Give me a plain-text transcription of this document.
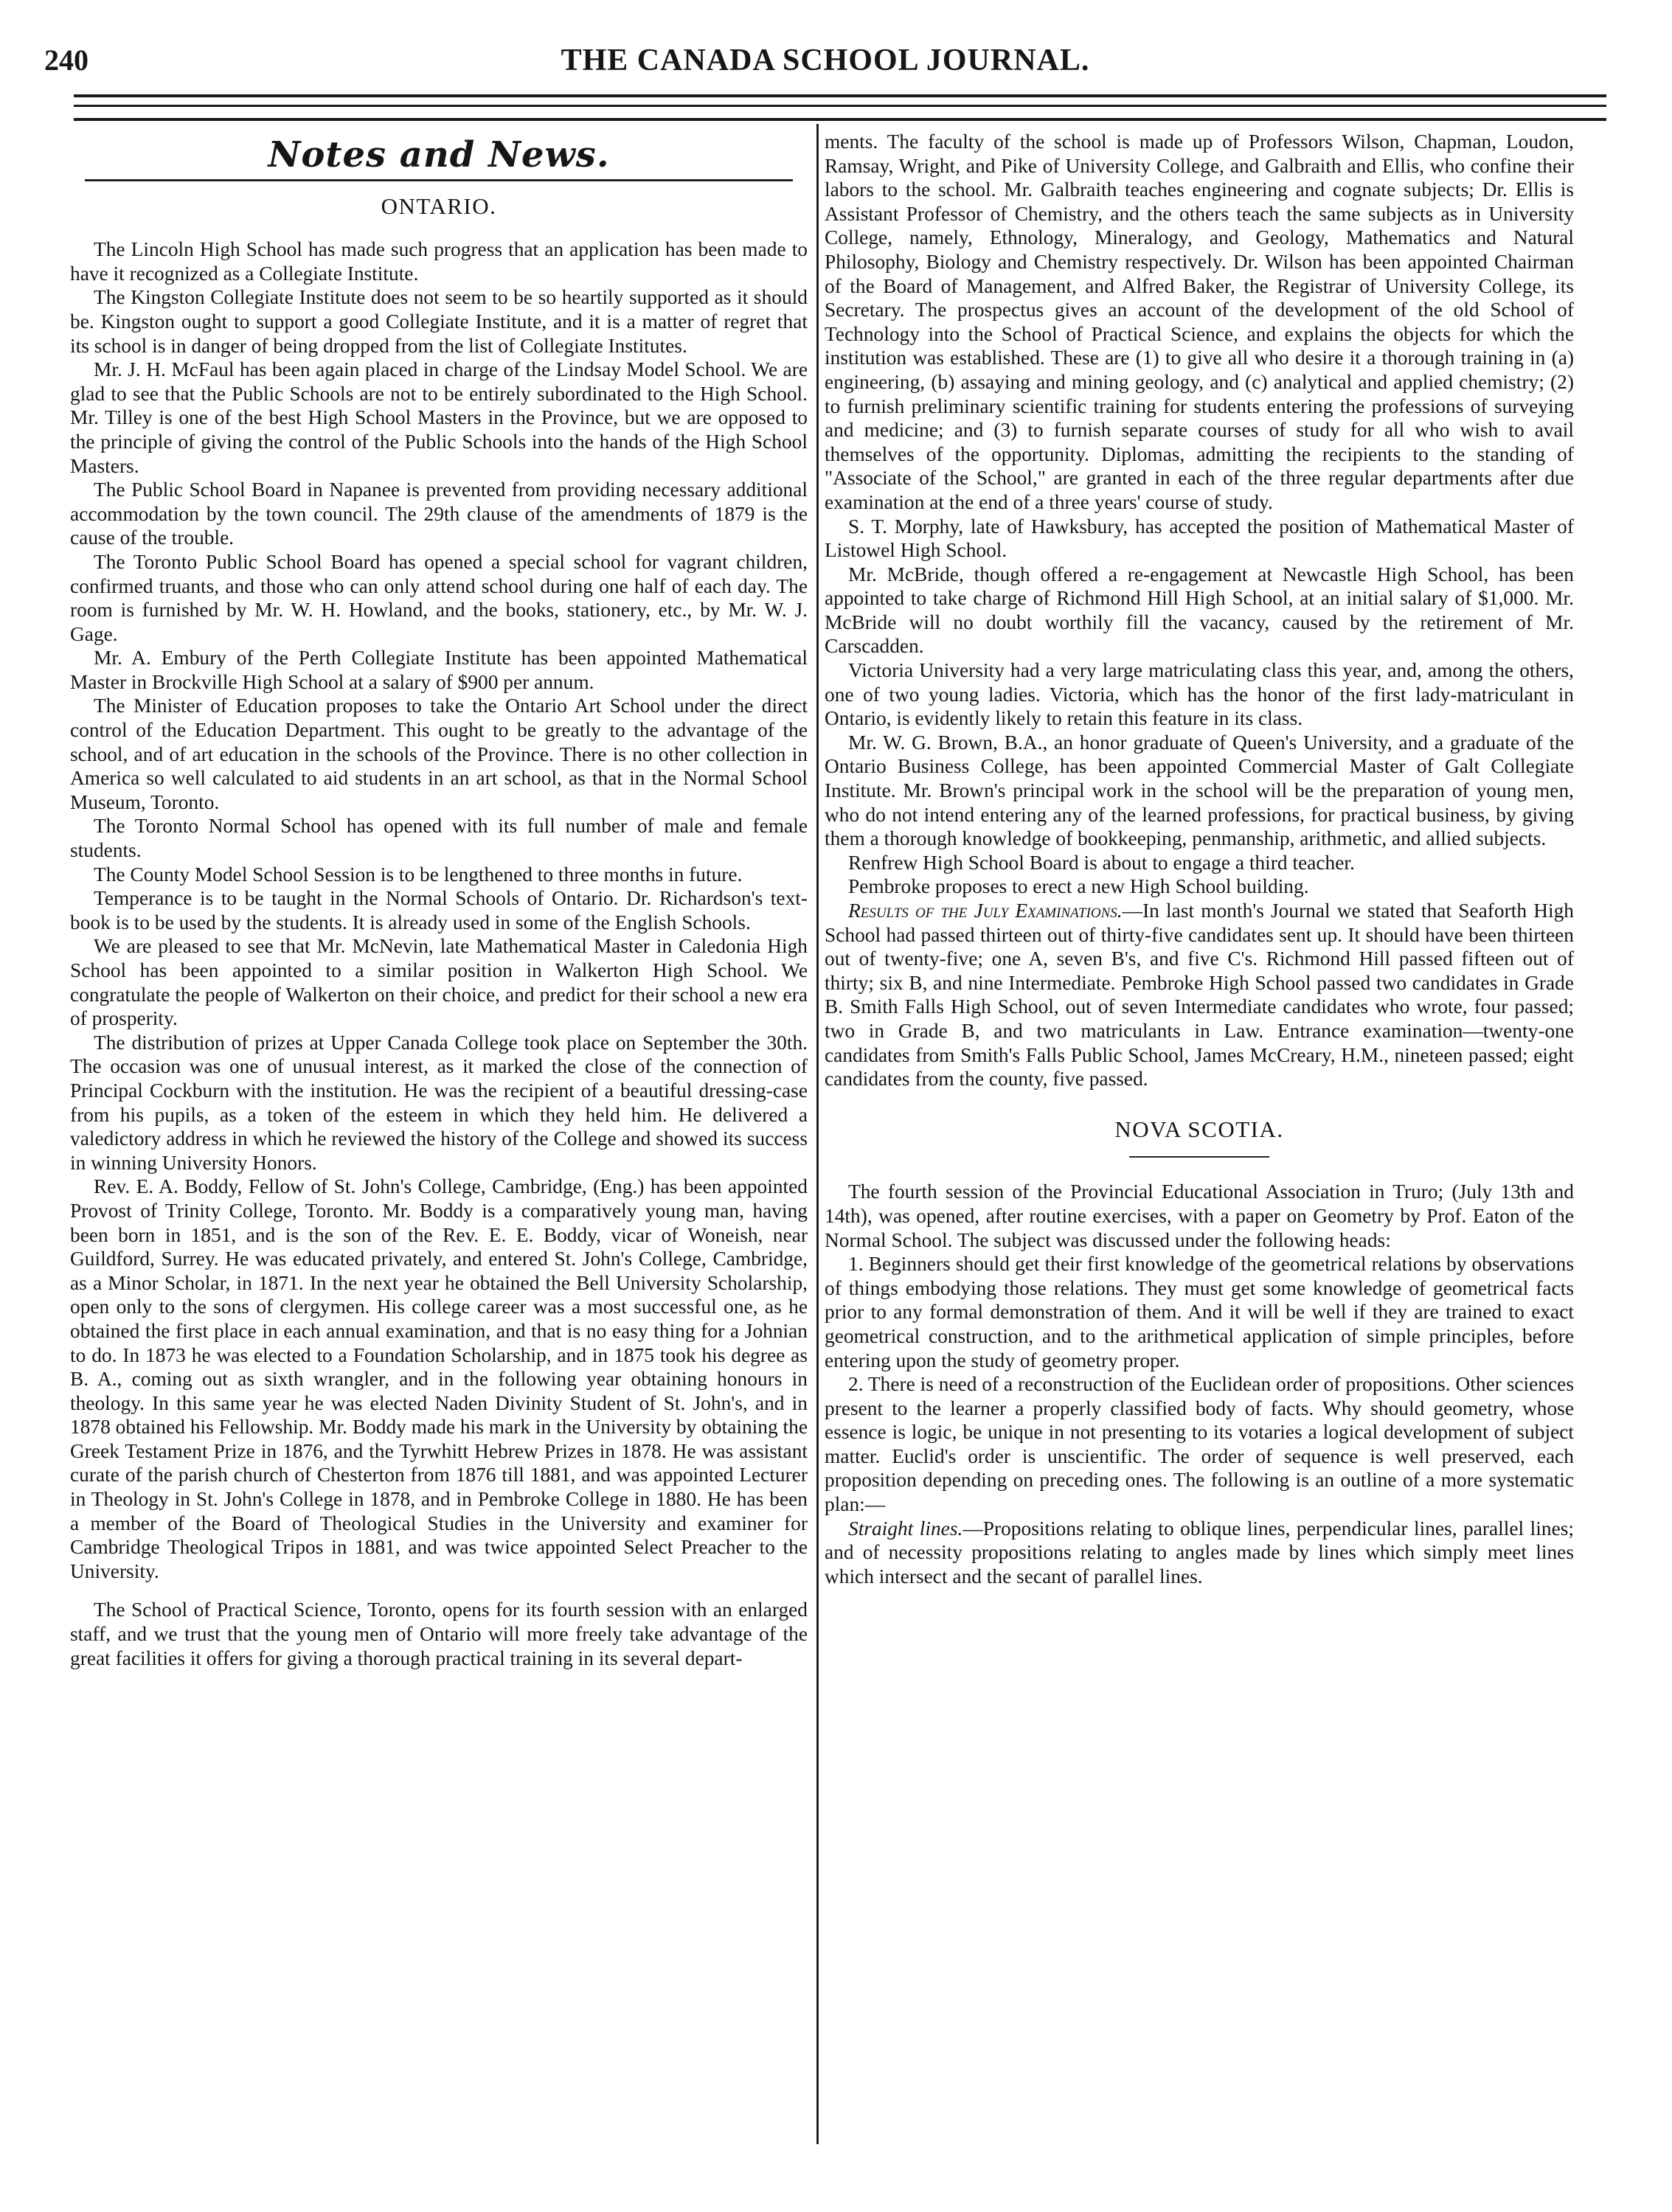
240	THE CANADA SCHOOL JOURNAL.
Notes and News.
ONTARIO.

The Lincoln High School has made such progress that an application has been made to have it recognized as a Collegiate Institute.

The Kingston Collegiate Institute does not seem to be so heartily supported as it should be. Kingston ought to support a good Collegiate Institute, and it is a matter of regret that its school is in danger of being dropped from the list of Collegiate Institutes.

Mr. J. H. McFaul has been again placed in charge of the Lindsay Model School. We are glad to see that the Public Schools are not to be entirely subordinated to the High School. Mr. Tilley is one of the best High School Masters in the Province, but we are opposed to the principle of giving the control of the Public Schools into the hands of the High School Masters.

The Public School Board in Napanee is prevented from providing necessary additional accommodation by the town council. The 29th clause of the amendments of 1879 is the cause of the trouble.

The Toronto Public School Board has opened a special school for vagrant children, confirmed truants, and those who can only attend school during one half of each day. The room is furnished by Mr. W. H. Howland, and the books, stationery, etc., by Mr. W. J. Gage.

Mr. A. Embury of the Perth Collegiate Institute has been appointed Mathematical Master in Brockville High School at a salary of $900 per annum.

The Minister of Education proposes to take the Ontario Art School under the direct control of the Education Department. This ought to be greatly to the advantage of the school, and of art education in the schools of the Province. There is no other collection in America so well calculated to aid students in an art school, as that in the Normal School Museum, Toronto.

The Toronto Normal School has opened with its full number of male and female students.

The County Model School Session is to be lengthened to three months in future.

Temperance is to be taught in the Normal Schools of Ontario. Dr. Richardson's text-book is to be used by the students. It is already used in some of the English Schools.

We are pleased to see that Mr. McNevin, late Mathematical Master in Caledonia High School has been appointed to a similar position in Walkerton High School. We congratulate the people of Walkerton on their choice, and predict for their school a new era of prosperity.

The distribution of prizes at Upper Canada College took place on September the 30th. The occasion was one of unusual interest, as it marked the close of the connection of Principal Cockburn with the institution. He was the recipient of a beautiful dressing-case from his pupils, as a token of the esteem in which they held him. He delivered a valedictory address in which he reviewed the history of the College and showed its success in winning University Honors.

Rev. E. A. Boddy, Fellow of St. John's College, Cambridge, (Eng.) has been appointed Provost of Trinity College, Toronto. Mr. Boddy is a comparatively young man, having been born in 1851, and is the son of the Rev. E. E. Boddy, vicar of Woneish, near Guildford, Surrey. He was educated privately, and entered St. John's College, Cambridge, as a Minor Scholar, in 1871. In the next year he obtained the Bell University Scholarship, open only to the sons of clergymen. His college career was a most successful one, as he obtained the first place in each annual examination, and that is no easy thing for a Johnian to do. In 1873 he was elected to a Foundation Scholarship, and in 1875 took his degree as B. A., coming out as sixth wrangler, and in the following year obtaining honours in theology. In this same year he was elected Naden Divinity Student of St. John's, and in 1878 obtained his Fellowship. Mr. Boddy made his mark in the University by obtaining the Greek Testament Prize in 1876, and the Tyrwhitt Hebrew Prizes in 1878. He was assistant curate of the parish church of Chesterton from 1876 till 1881, and was appointed Lecturer in Theology in St. John's College in 1878, and in Pembroke College in 1880. He has been a member of the Board of Theological Studies in the University and examiner for Cambridge Theological Tripos in 1881, and was twice appointed Select Preacher to the University.

The School of Practical Science, Toronto, opens for its fourth session with an enlarged staff, and we trust that the young men of Ontario will more freely take advantage of the great facilities it offers for giving a thorough practical training in its several depart-

ments. The faculty of the school is made up of Professors Wilson, Chapman, Loudon, Ramsay, Wright, and Pike of University College, and Galbraith and Ellis, who confine their labors to the school. Mr. Galbraith teaches engineering and cognate subjects; Dr. Ellis is Assistant Professor of Chemistry, and the others teach the same subjects as in University College, namely, Ethnology, Mineralogy, and Geology, Mathematics and Natural Philosophy, Biology and Chemistry respectively. Dr. Wilson has been appointed Chairman of the Board of Management, and Alfred Baker, the Registrar of University College, its Secretary. The prospectus gives an account of the development of the old School of Technology into the School of Practical Science, and explains the objects for which the institution was established. These are (1) to give all who desire it a thorough training in (a) engineering, (b) assaying and mining geology, and (c) analytical and applied chemistry; (2) to furnish preliminary scientific training for students entering the professions of surveying and medicine; and (3) to furnish separate courses of study for all who wish to avail themselves of the opportunity. Diplomas, admitting the recipients to the standing of "Associate of the School," are granted in each of the three regular departments after due examination at the end of a three years' course of study.

S. T. Morphy, late of Hawksbury, has accepted the position of Mathematical Master of Listowel High School.

Mr. McBride, though offered a re-engagement at Newcastle High School, has been appointed to take charge of Richmond Hill High School, at an initial salary of $1,000. Mr. McBride will no doubt worthily fill the vacancy, caused by the retirement of Mr. Carscadden.

Victoria University had a very large matriculating class this year, and, among the others, one of two young ladies. Victoria, which has the honor of the first lady-matriculant in Ontario, is evidently likely to retain this feature in its class.

Mr. W. G. Brown, B.A., an honor graduate of Queen's University, and a graduate of the Ontario Business College, has been appointed Commercial Master of Galt Collegiate Institute. Mr. Brown's principal work in the school will be the preparation of young men, who do not intend entering any of the learned professions, for practical business, by giving them a thorough knowledge of bookkeeping, penmanship, arithmetic, and allied subjects.

Renfrew High School Board is about to engage a third teacher.

Pembroke proposes to erect a new High School building.

Results of the July Examinations.—In last month's Journal we stated that Seaforth High School had passed thirteen out of thirty-five candidates sent up. It should have been thirteen out of twenty-five; one A, seven B's, and five C's. Richmond Hill passed fifteen out of thirty; six B, and nine Intermediate. Pembroke High School passed two candidates in Grade B. Smith Falls High School, out of seven Intermediate candidates who wrote, four passed; two in Grade B, and two matriculants in Law. Entrance examination—twenty-one candidates from Smith's Falls Public School, James McCreary, H.M., nineteen passed; eight candidates from the county, five passed.

NOVA SCOTIA.

The fourth session of the Provincial Educational Association in Truro; (July 13th and 14th), was opened, after routine exercises, with a paper on Geometry by Prof. Eaton of the Normal School. The subject was discussed under the following heads:

1. Beginners should get their first knowledge of the geometrical relations by observations of things embodying those relations. They must get some knowledge of geometrical facts prior to any formal demonstration of them. And it will be well if they are trained to exact geometrical construction, and to the arithmetical application of simple principles, before entering upon the study of geometry proper.

2. There is need of a reconstruction of the Euclidean order of propositions. Other sciences present to the learner a properly classified body of facts. Why should geometry, whose essence is logic, be unique in not presenting to its votaries a logical development of subject matter. Euclid's order is unscientific. The order of sequence is well preserved, each proposition depending on preceding ones. The following is an outline of a more systematic plan:—

Straight lines.—Propositions relating to oblique lines, perpendicular lines, parallel lines; and of necessity propositions relating to angles made by lines which simply meet lines which intersect and the secant of parallel lines.
